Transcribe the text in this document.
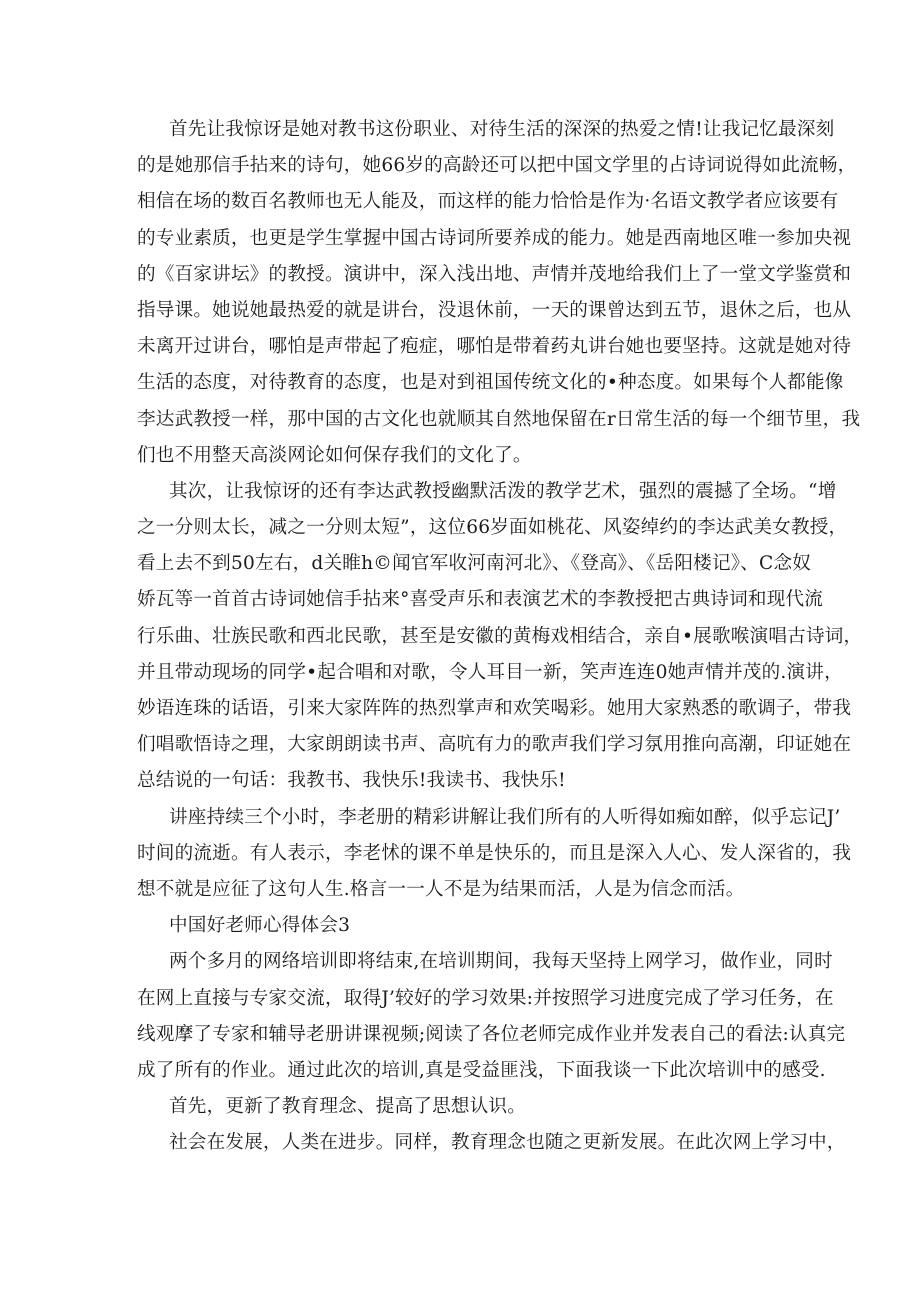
首先让我惊讶是她对教书这份职业、对待生活的深深的热爱之情!让我记忆最深刻
的是她那信手拈来的诗句，她66岁的高龄还可以把中国文学里的占诗词说得如此流畅，
相信在场的数百名教师也无人能及，而这样的能力恰恰是作为·名语文教学者应该要有
的专业素质，也更是学生掌握中国古诗词所要养成的能力。她是西南地区唯一参加央视
的《百家讲坛》的教授。演讲中，深入浅出地、声情并茂地给我们上了一堂文学鉴赏和
指导课。她说她最热爱的就是讲台，没退休前，一天的课曾达到五节，退休之后，也从
未离开过讲台，哪怕是声带起了疱症，哪怕是带着药丸讲台她也要坚持。这就是她对待
生活的态度，对待教育的态度，也是对到祖国传统文化的•种态度。如果每个人都能像
李达武教授一样，那中国的古文化也就顺其自然地保留在r日常生活的每一个细节里，我
们也不用整天高淡网论如何保存我们的文化了。
其次，让我惊讶的还有李达武教授幽默活泼的教学艺术，强烈的震撼了全场。“增
之一分则太长，减之一分则太短”，这位66岁面如桃花、风姿绰约的李达武美女教授，
看上去不到50左右，d关睢h©闻官军收河南河北》、《登高》、《岳阳楼记》、C念奴
娇瓦等一首首古诗词她信手拈来°喜受声乐和表演艺术的李教授把古典诗词和现代流
行乐曲、壮族民歌和西北民歌，甚至是安徽的黄梅戏相结合，亲自•展歌喉演唱古诗词，
并且带动现场的同学•起合唱和对歌，令人耳目一新，笑声连连0她声情并茂的.演讲，
妙语连珠的话语，引来大家阵阵的热烈掌声和欢笑喝彩。她用大家熟悉的歌调子，带我
们唱歌悟诗之理，大家朗朗读书声、高吭有力的歌声我们学习氛用推向高潮，印证她在
总结说的一句话：我教书、我快乐!我读书、我快乐!
讲座持续三个小时，李老册的精彩讲解让我们所有的人听得如痴如醉，似乎忘记J’
时间的流逝。有人表示，李老怵的课不单是快乐的，而且是深入人心、发人深省的，我
想不就是应征了这句人生.格言一一人不是为结果而活，人是为信念而活。
中国好老师心得体会3
两个多月的网络培训即将结束,在培训期间，我每天坚持上网学习，做作业，同时
在网上直接与专家交流，取得J’较好的学习效果:并按照学习进度完成了学习任务，在
线观摩了专家和辅导老册讲课视频;阅读了各位老师完成作业并发表自己的看法:认真完
成了所有的作业。通过此次的培训,真是受益匪浅，下面我谈一下此次培训中的感受.
首先，更新了教育理念、提高了思想认识。
社会在发展，人类在进步。同样，教育理念也随之更新发展。在此次网上学习中，
